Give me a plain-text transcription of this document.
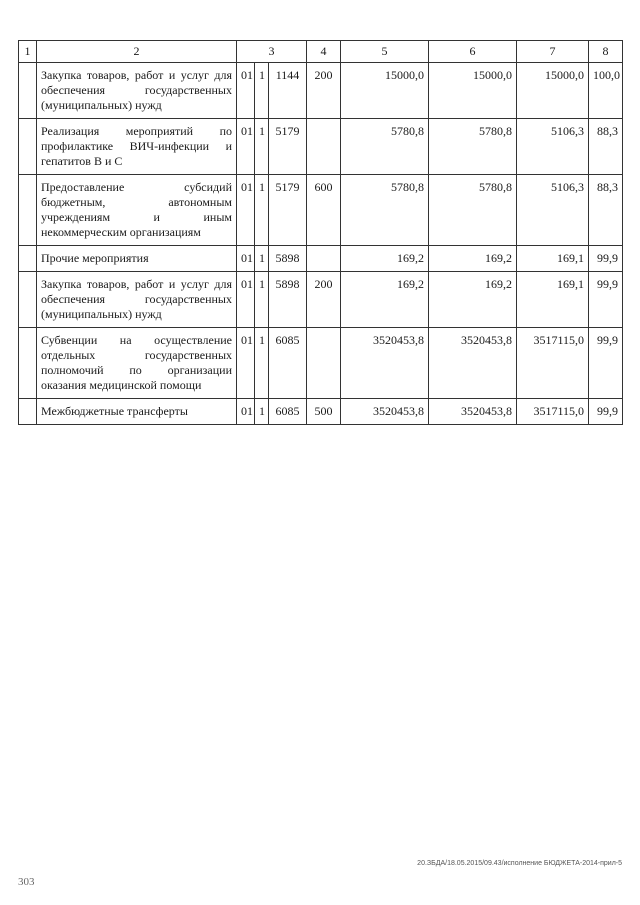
1	2	3			4	5	6	7	8
	Закупка товаров, работ и услуг для обеспечения государственных (муниципальных) нужд	01	1	1144	200	15000,0	15000,0	15000,0	100,0
	Реализация мероприятий по профилактике ВИЧ-инфекции и гепатитов В и С	01	1	5179		5780,8	5780,8	5106,3	88,3
	Предоставление субсидий бюджетным, автономным учреждениям и иным некоммерческим организациям	01	1	5179	600	5780,8	5780,8	5106,3	88,3
	Прочие мероприятия	01	1	5898		169,2	169,2	169,1	99,9
	Закупка товаров, работ и услуг для обеспечения государственных (муниципальных) нужд	01	1	5898	200	169,2	169,2	169,1	99,9
	Субвенции на осуществление отдельных государственных полномочий по организации оказания медицинской помощи	01	1	6085		3520453,8	3520453,8	3517115,0	99,9
	Межбюджетные трансферты	01	1	6085	500	3520453,8	3520453,8	3517115,0	99,9
20.ЗБДА/18.05.2015/09.43/исполнение БЮДЖЕТА-2014-прил-5
303
